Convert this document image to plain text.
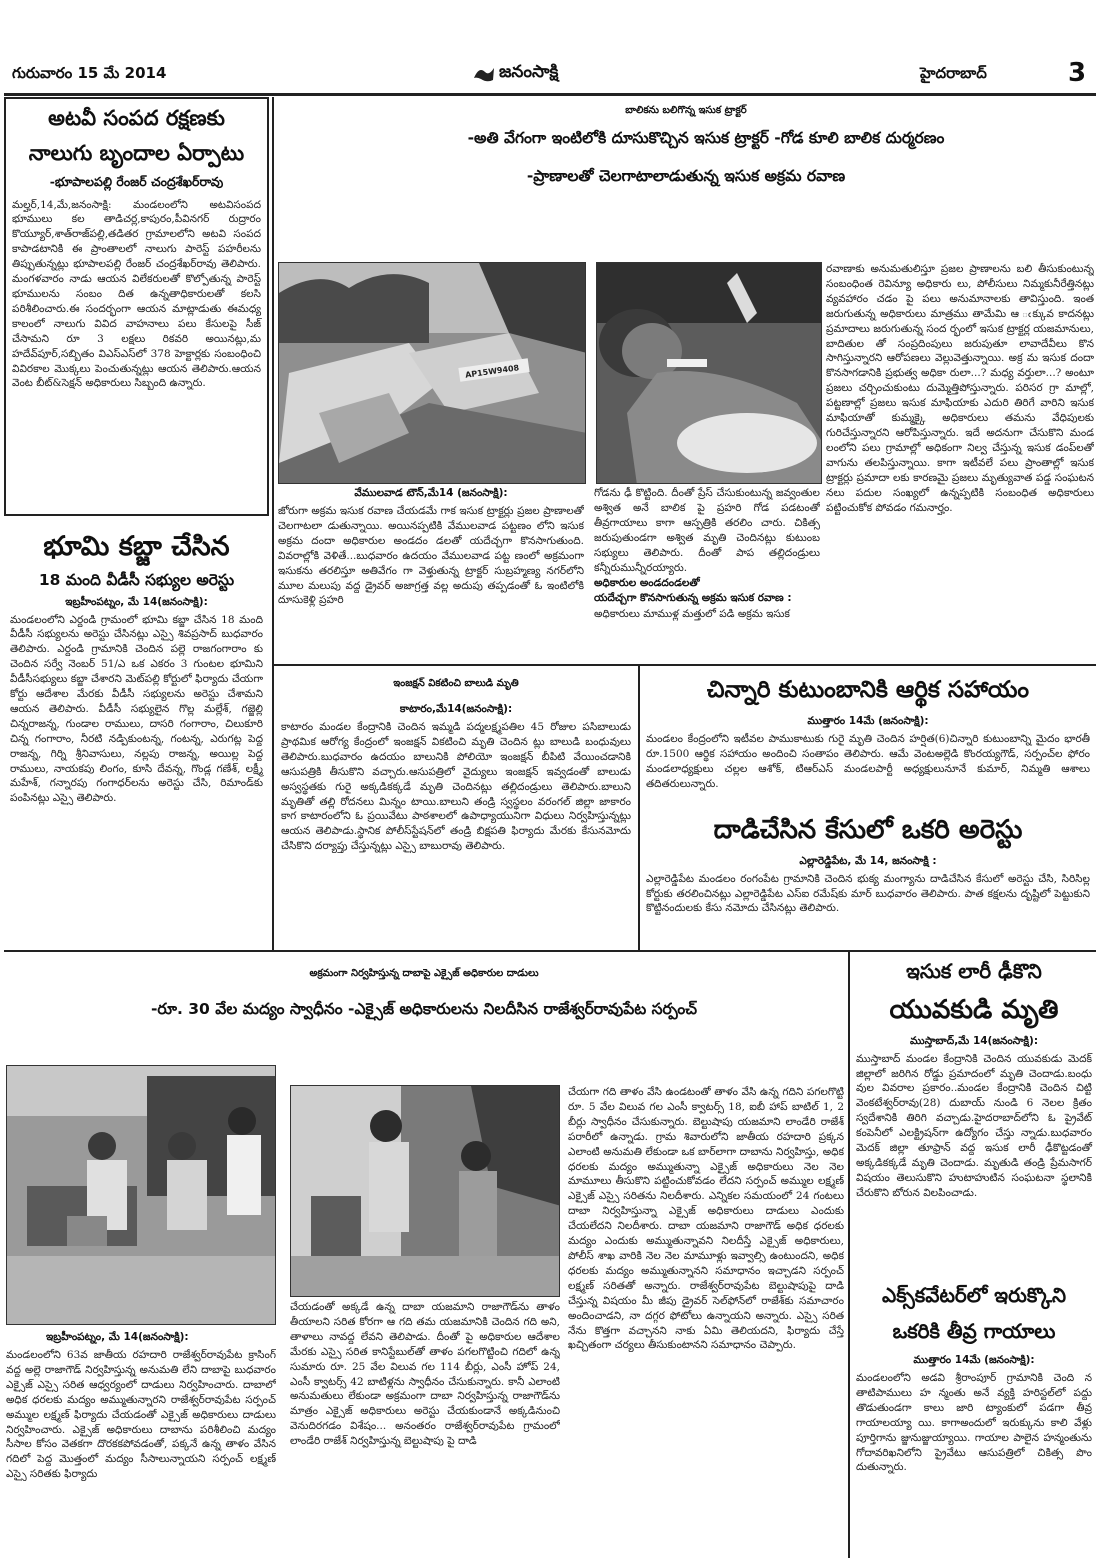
గురువారం 15 మే 2014	జనంసాక్షి	హైదరాబాద్	3
అటవీ సంపద రక్షణకు
నాలుగు బృందాల ఏర్పాటు
-భూపాలపల్లి రేంజర్ చంద్రశేఖర్‌రావు
మల్హర్,14,మే,జనంసాక్షి: మండలంలోని అటవిసంపద భూములు కల తాడిచర్ల,కాపురం,పీవినగర్ రుద్రారం కొయ్యూర్,శాత్‌రాజ్‌పల్లి,తడితర గ్రామాలలోని అటవి సంపద కాపాడటానికి ఈ ప్రాంతాలలో నాలుగు పారెస్ట్ పహరీలను తిప్పుతున్నట్లు భూపాలపల్లి రేంజర్ చంద్రశేఖర్‌రావు తెలిపారు. మంగళవారం నాడు ఆయన విలేకరులతో కొల్పోతున్న పారెస్ట్ భూములను సంబం దిత ఉన్నతాధికారులతో కలసి పరిశీలించారు.ఈ సందర్భంగా ఆయన మాట్లాడుతు ఈమధ్య కాలంలో నాలుగు వివిద వాహనాలు పలు కేసులపై సీజ్ చేసామని రూ 3 లక్షలు రికవరి అయినట్లు,మ హదేవ్‌పూర్,సబ్బితం విఎస్‌ఎస్‌లో 378 హెక్టార్లకు సంబంధించి వివిరకాల మొక్కలు పెంచుతున్నట్లు ఆయన తెలిపారు.ఆయన వెంట బీట్&సెక్షన్ అధికారులు సిబ్బంది ఉన్నారు.
భూమి కబ్జా చేసిన
18 మంది వీడీసీ సభ్యుల అరెస్టు
ఇబ్రహీంపట్నం, మే 14(జనంసాక్షి):
మండలంలోని ఎర్దండి గ్రామంలో భూమి కబ్జా చేసిన 18 మంది వీడీసీ సభ్యులను అరెస్టు చేసినట్లు ఎస్సై శివప్రసాద్ బుధవారం తెలిపారు. ఎర్దండి గ్రామానికి చెందిన పల్లె రాజగంగారాం కు చెందిన సర్వే నెంబర్ 51/ఎ ఒక ఎకరం 3 గుంటల భూమిని వీడీసీసభ్యులు కబ్జా చేశారని మెట్‌పల్లి కోర్టులో ఫిర్యాదు చేయగా కోర్టు ఆదేశాల మేరకు వీడీసీ సభ్యులను అరెస్టు చేశామని ఆయన తెలిపారు. వీడీసీ సభ్యులైన గొల్ల మల్లేశ్, గజ్జెల్లి చిన్నరాజన్న, గుండాల రాములు, దాసరి గంగారాం, చిలుకూరి చిన్న గంగారాం, నీరటి నడ్పికుంటన్న, గంటన్న, ఎరుగట్ల పెద్ద రాజన్న, గిర్ని శ్రీనివాసులు, నల్లపు రాజన్న, అయిల్ల పెద్ద రాములు, నాయకపు లింగం, కూసి దేవన్న, గొండ్ల గణేశ్, లక్ష్మీ మహేశ్, గన్నారపు గంగాధర్‌లను అరెస్టు చేసి, రిమాండ్‌కు పంపినట్లు ఎస్సై తెలిపారు.
బాలికను బలిగొన్న ఇసుక ట్రాక్టర్
-అతి వేగంగా ఇంటిలోకి దూసుకొచ్చిన ఇసుక ట్రాక్టర్ -గోడ కూలి బాలిక దుర్మరణం
-ప్రాణాలతో చెలగాటాలాడుతున్న ఇసుక అక్రమ రవాణ
AP15W9408
వేములవాడ టౌన్,మే14 (జనంసాక్షి):
జోరుగా అక్రమ ఇసుక రవాణ చేయడమే గాక ఇసుక ట్రాక్టర్లు ప్రజల ప్రాణాలతో చెలగాటలా డుతున్నాయి. అయినప్పటికి వేములవాడ పట్టణం లోని ఇసుక అక్రమ దందా అధికారుల అండదం డలతో యదేచ్చగా కొనసాగుతుంది. వివరాల్లోకి వెళితే...బుధవారం ఉదయం వేములవాడ పట్ట ణంలో అక్రమంగా ఇసుకను తరలిస్తూ అతివేగం గా వెళ్తుతున్న ట్రాక్టర్ సుబ్రహ్మణ్య నగర్‌లోని మూల మలుపు వద్ద డ్రైవర్ అజాగ్రత్త వల్ల అదుపు తప్పడంతో ఓ ఇంటిలోకి దూసుకెళ్లి ప్రహరి
గోడను ఢీ కొట్టింది. దీంతో ప్రేస్ చేసుకుంటున్న జవ్వంతుల అశ్విత అనే బాలిక పై ప్రహరి గోడ పడటంతో తీవ్రగాయాలు కాగా ఆస్పత్రికి తరలిం చారు. చికిత్స జరుపుతుండగా అశ్విత మృతి చెందినట్లు కుటుంబ సభ్యులు తెలిపారు. దీంతో పాప తల్లిదండ్రులు కన్నీరుమున్నీరయ్యారు.
అధికారుల అండదండలతో
యదేచ్చగా కొనసాగుతున్న అక్రమ ఇసుక రవాణ :
అధికారులు మాముళ్ల మత్తులో పడి అక్రమ ఇసుక
రవాణాకు అనుమతులిస్తూ ప్రజల ప్రాణాలను బలి తీసుకుంటున్న సంబంధింత రెవిన్యూ అధికారు లు, పోలీసులు నిమ్మకునీరేత్తినట్లు వ్యవహారం చడం పై పలు అనుమానాలకు తావిస్తుంది. ఇంత జరుగుతున్న అధికారులు మాత్రము తామేమి ఆ ఁక్కువ కాదనట్లు ప్రమాదాలు జరుగుతున్న సంద ర్భంలో ఇసుక ట్రాక్టర్ల యజమానులు, బాదితుల తో సంప్రదింపులు జరుపుతూ లావాదేవీలు కొన సాగిస్తున్నారని ఆరోపణలు వెల్లువెత్తున్నాయి. అక్ర మ ఇసుక దందా కొనసాగడానికి ప్రభుత్వ అధికా రులా...? మధ్య వర్తులా...? అంటూ ప్రజలు చర్చించుకుంటు దుమ్మెత్తిపోస్తున్నారు. పరిసర గ్రా మాల్లో, పట్టణాల్లో ప్రజలు ఇసుక మాఫియాకు ఎదురి తిరిగే వారిని ఇసుక మాఫియాతో కుమ్మక్కై అధికారులు తమను వేధిపులకు గురిచేస్తున్నారని ఆరోపిస్తున్నారు. ఇదే అదనుగా చేసుకొని మండ లంలోని పలు గ్రామాల్లో అధికంగా నిల్వ చేస్తున్న ఇసుక డంప్‌లతో వాగును తలపిస్తున్నాయి. కాగా ఇటీవలే పలు ప్రాంతాల్లో ఇసుక ట్రాక్టర్లు ప్రమాదా లకు కారణమై ప్రజలు మృత్యువాత పడ్డ సంఘటన నలు పదుల సంఖ్యలో ఉన్నప్పటికి సంబంధిత అధికారులు పట్టించుకోక పోవడం గమనార్హం.
ఇంజక్షన్ వికటించి బాలుడి మృతి
కాటారం,మే14(జనంసాక్షి):
కాటారం మండల కేంద్రానికి చెందిన ఇమ్మడి పద్మలక్ష్మపతిల 45 రోజుల పసిబాలుడు ప్రాథమిక ఆరోగ్య కేంద్రంలో ఇంజక్షన్ వికటించి మృతి చెందిన ట్లు బాలుడి బంధువులు తెలిపారు.బుధవారం ఉదయం బాలునికి పోలియో ఇంజక్షన్ బీపిటి వేయించడానికి ఆసుపత్రికి తీసుకొని వచ్చారు.ఆసుపత్రిలో వైద్యులు ఇంజక్షన్ ఇవ్వడంతో బాలుడు అస్వస్థతకు గురై అక్కడికక్కడే మృతి చెందినట్లు తల్లిదండ్రులు తెలిపారు.బాలుని మృతితో తల్లి రోదనలు మిన్నం టాయి.బాలుని తండ్రి స్వస్థలం వరంగల్ జిల్లా జాకారం కాగ కాటారంలోని ఓ ప్రయివేటు పాఠశాలలో ఉపాధ్యాయునిగా విధులు నిర్వహిస్తున్నట్లు ఆయన తెలిపాడు.స్థానిక పోలీస్‌స్టేషన్‌లో తండ్రి బిక్షపతి ఫిర్యాదు మేరకు కేసునమోదు చేసికొని దర్యాప్తు చేస్తున్నట్లు ఎస్సై బాబురావు తెలిపారు.
చిన్నారి కుటుంబానికి ఆర్థిక సహాయం
ముత్తారం 14మే (జనంసాక్షి):
మండలం కేంద్రంలోని ఇటీవల పాముకాటుకు గురై మృతి చెందిన హర్షిత(6)చిన్నారి కుటుంబాన్ని మైదం భారతీ రూ.1500 ఆర్థిక సహాయం అందించి సంతాపం తెలిపారు. ఆమే వెంటఅల్లెడి కొంరయ్యగౌడ్, సర్పంచ్‌ల ఫోరం మండలాధ్యక్షులు చల్లల ఆశోక్, టిఆర్‌ఎస్ మండలపార్టీ అధ్యక్షులునూనే కుమార్, నిమ్మతి ఆశాలు తదితరులున్నారు.
దాడిచేసిన కేసులో ఒకరి అరెస్టు
ఎల్లారెడ్డిపేట, మే 14, జనంసాక్షి :
ఎల్లారెడ్డిపేట మండలం రంగంపేట గ్రామానికి చెందిన భుక్య మంగ్యాను దాడిచేసిన కేసులో అరెస్టు చేసి, సిరిసిల్ల కోర్టుకు తరలించినట్లు ఎల్లారెడ్డిపేట ఎస్‌ఐ రమేష్‌కు మార్ బుధవారం తెలిపారు. పాత కక్షలను దృష్టిలో పెట్టుకుని కొట్టినందులకు కేసు నమోదు చేసినట్లు తెలిపారు.
అక్రమంగా నిర్వహిస్తున్న దాబాపై ఎక్సైజ్ అధికారుల దాడులు
-రూ. 30 వేల మద్యం స్వాధీనం -ఎక్సైజ్ అధికారులను నిలదీసిన రాజేశ్వర్‌రావుపేట సర్పంచ్
ఇబ్రహీంపట్నం, మే 14(జనంసాక్షి):
మండలంలోని 63వ జాతీయ రహదారి రాజేశ్వర్‌రావుపేట క్రాసింగ్ వద్ద అల్లె రాజాగౌడ్ నిర్వహిస్తున్న అనుమతి లేని దాబాపై బుధవారం ఎక్సైజ్ ఎస్సై సరిత ఆధ్వర్యంలో దాడులు నిర్వహించారు. దాబాలో అధిక ధరలకు మద్యం అమ్ముతున్నారని రాజేశ్వర్‌రావుపేట సర్పంచ్ అమ్ముల లక్ష్మణ్ ఫిర్యాదు చేయడంతో ఎక్సైజ్ అధికారులు దాడులు నిర్వహించారు. ఎక్సైజ్ అధికారులు దాబాను పరిశీలించి మద్యం సీసాల కోసం వెతకగా దొరకకపోవడంతో, పక్కనే ఉన్న తాళం వేసిన గదిలో పెద్ద మొత్తంలో మద్యం సీసాలున్నాయని సర్పంచ్ లక్ష్మణ్ ఎస్సై సరితకు ఫిర్యాదు
చేయడంతో అక్కడే ఉన్న దాబా యజమాని రాజాగౌడ్‌ను తాళం తీయాలని సరిత కోరగా ఆ గది తమ యజమానికి చెందిన గది అని, తాళాలు నావద్ద లేవని తెలిపాడు. దీంతో పై అధికారుల ఆదేశాల మేరకు ఎస్సై సరిత కానిస్టేబుల్‌తో తాళం పగలగొట్టించి గదిలో ఉన్న సుమారు రూ. 25 వేల విలువ గల 114 బీర్లు, ఎంసీ హోప్ 24, ఎంసీ క్వాటర్స్ 42 బాటిళ్లను స్వాధీనం చేసుకున్నారు. కానీ ఎలాంటి అనుమతులు లేకుండా అక్రమంగా దాబా నిర్వహిస్తున్న రాజాగౌడ్‌ను మాత్రం ఎక్సైజ్ అధికారులు అరెస్టు చేయకుండానే అక్కడినుంచి వెనుదిరగడం విశేషం... అనంతరం రాజేశ్వర్‌రావుపేట గ్రామంలో లాండేరి రాజేశ్ నిర్వహిస్తున్న బెల్టుషాపు పై దాడి
చేయగా గది తాళం వేసి ఉండటంతో తాళం వేసి ఉన్న గదిని పగలగొట్టి రూ. 5 వేల విలువ గల ఎంసీ క్వాటర్స్ 18, ఐబీ హాప్ బాటిల్ 1, 2 బీర్లు స్వాధీనం చేసుకున్నారు. బెల్టుషాపు యజమాని లాండేరి రాజేశ్ పరారీలో ఉన్నాడు. గ్రామ శివారులోని జాతీయ రహదారి ప్రక్కన ఎలాంటి అనుమతి లేకుండా ఒక బార్‌లాగా దాబాను నిర్వహిస్తు, అధిక ధరలకు మద్యం అమ్ముతున్నా ఎక్సైజ్ అధికారులు నెల నెల మామూలు తీసుకొని పట్టించుకోవడం లేదని సర్పంచ్ అమ్ముల లక్ష్మణ్ ఎక్సైజ్ ఎస్సై సరితను నిలదీశారు. ఎన్నికల సమయంలో 24 గంటలు దాబా నిర్వహిస్తున్నా ఎక్సైజ్ అధికారులు దాడులు ఎందుకు చేయలేదని నిలదీశారు. దాబా యజమాని రాజాగౌడ్ అధిక ధరలకు మద్యం ఎందుకు అమ్ముతున్నావని నిలదీస్తే ఎక్సైజ్ అధికారులు, పోలీస్ శాఖ వారికి నెల నెల మామూళ్లు ఇవ్వాల్సి ఉంటుందని, అధిక ధరలకు మద్యం అమ్ముతున్నానని సమాధానం ఇచ్చాడని సర్పంచ్ లక్ష్మణ్ సరితతో అన్నారు. రాజేశ్వర్‌రావుపేట బెల్టుషాపుపై దాడి చేస్తున్న విషయం మీ జీపు డ్రైవర్ సెల్‌ఫోన్‌లో రాజేశ్‌కు సమాచారం అందించాడని, నా దగ్గర ఫోటోలు ఉన్నాయని అన్నారు. ఎస్సై సరిత నేను కొత్తగా వచ్చానని నాకు ఏమి తెలియదని, ఫిర్యాదు చేస్తే ఖచ్చితంగా చర్యలు తీసుకుంటానని సమాధానం చెప్పారు.
ఇసుక లారీ ఢీకొని
యువకుడి మృతి
ముస్తాబాద్,మే 14(జనంసాక్షి):
ముస్తాబాద్ మండల కేంద్రానికి చెందిన యువకుడు మెదక్ జిల్లాలో జరిగిన రోడ్డు ప్రమాదంలో మృతి చెందాడు.బంధు వుల వివరాల ప్రకారం..మండల కేంద్రానికి చెందిన చిట్టి వెంకటేశ్వర్‌రావు(28) దుబాయ్ నుండి 6 నెలల క్రితం స్వదేశానికి తిరిగి వచ్చాడు.హైదరాబాద్‌లోని ఓ ప్రైవేట్ కంపెనీలో ఎలక్ట్రిషన్‌గా ఉద్యోగం చేస్తు న్నాడు.బుధవారం మెదక్ జిల్లా తూఫ్రాన్ వద్ద ఇసుక లారీ ఢీకొట్టడంతో అక్కడికక్కడే మృతి చెందాడు. మృతుడి తండ్రి ప్రేమసాగర్ విషయం తెలుసుకొని హుటాహుటిన సంఘటనా స్థలానికి చేరుకొని బోరున విలపించాడు.
ఎక్స్‌కవేటర్‌లో ఇరుక్కొని
ఒకరికి తీవ్ర గాయాలు
ముత్తారం 14మే (జనంసాక్షి):
మండలంలోని అడవి శ్రీరాంపూర్ గ్రామానికి చెంది న తాటిపాములు హ న్మంతు అనే వ్యక్తి హరిస్టల్‌లో పద్దు తొడుతుండగా కాలు జారి ట్యాంకులో పడగా తీవ్ర గాయాలయ్యా యి. కాగాఅందులో ఇరుక్కును కాలి వేళ్లు పూర్తిగాను జ్జునుజ్జుయ్యాయి. గాయాల పాలైన హన్మంతును గోదావరిఖనిలోని ప్రైవేటు ఆసుపత్రిలో చికిత్స పొం దుతున్నారు.
